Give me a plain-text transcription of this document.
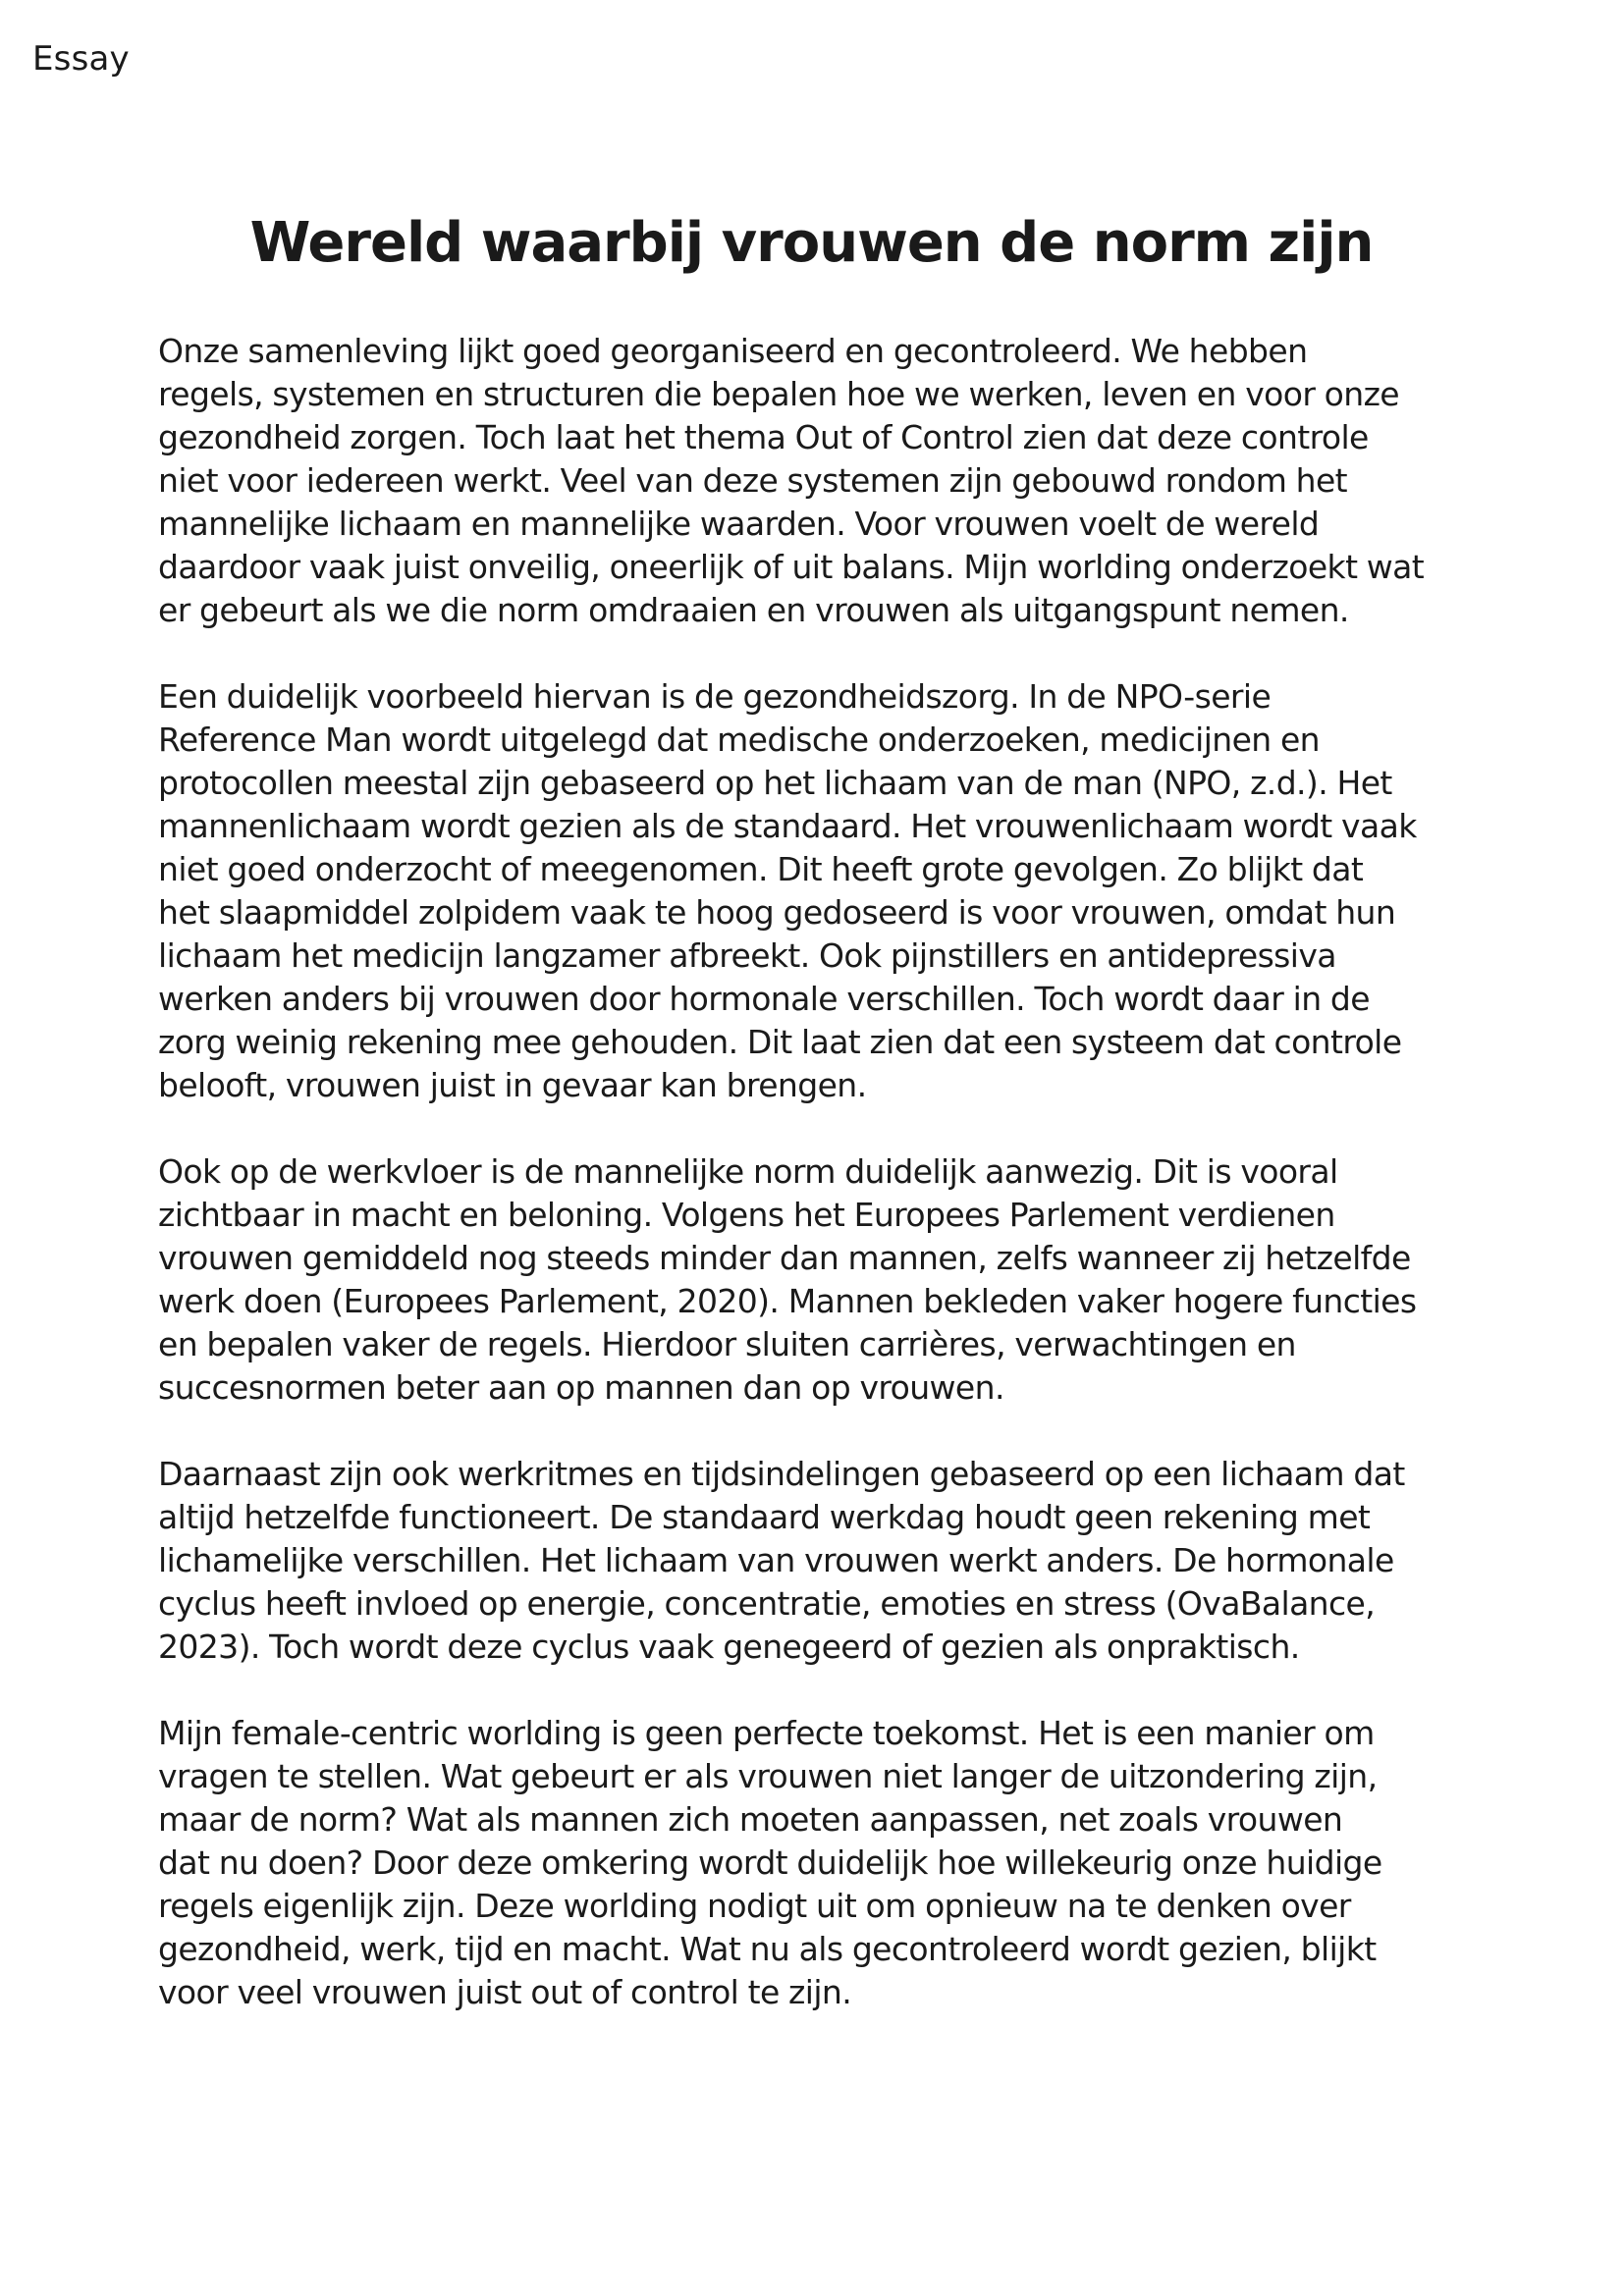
Essay
Wereld waarbij vrouwen de norm zijn

Onze samenleving lijkt goed georganiseerd en gecontroleerd. We hebben
regels, systemen en structuren die bepalen hoe we werken, leven en voor onze
gezondheid zorgen. Toch laat het thema Out of Control zien dat deze controle
niet voor iedereen werkt. Veel van deze systemen zijn gebouwd rondom het
mannelijke lichaam en mannelijke waarden. Voor vrouwen voelt de wereld
daardoor vaak juist onveilig, oneerlijk of uit balans. Mijn worlding onderzoekt wat
er gebeurt als we die norm omdraaien en vrouwen als uitgangspunt nemen.

Een duidelijk voorbeeld hiervan is de gezondheidszorg. In de NPO-serie
Reference Man wordt uitgelegd dat medische onderzoeken, medicijnen en
protocollen meestal zijn gebaseerd op het lichaam van de man (NPO, z.d.). Het
mannenlichaam wordt gezien als de standaard. Het vrouwenlichaam wordt vaak
niet goed onderzocht of meegenomen. Dit heeft grote gevolgen. Zo blijkt dat
het slaapmiddel zolpidem vaak te hoog gedoseerd is voor vrouwen, omdat hun
lichaam het medicijn langzamer afbreekt. Ook pijnstillers en antidepressiva
werken anders bij vrouwen door hormonale verschillen. Toch wordt daar in de
zorg weinig rekening mee gehouden. Dit laat zien dat een systeem dat controle
belooft, vrouwen juist in gevaar kan brengen.

Ook op de werkvloer is de mannelijke norm duidelijk aanwezig. Dit is vooral
zichtbaar in macht en beloning. Volgens het Europees Parlement verdienen
vrouwen gemiddeld nog steeds minder dan mannen, zelfs wanneer zij hetzelfde
werk doen (Europees Parlement, 2020). Mannen bekleden vaker hogere functies
en bepalen vaker de regels. Hierdoor sluiten carrières, verwachtingen en
succesnormen beter aan op mannen dan op vrouwen.

Daarnaast zijn ook werkritmes en tijdsindelingen gebaseerd op een lichaam dat
altijd hetzelfde functioneert. De standaard werkdag houdt geen rekening met
lichamelijke verschillen. Het lichaam van vrouwen werkt anders. De hormonale
cyclus heeft invloed op energie, concentratie, emoties en stress (OvaBalance,
2023). Toch wordt deze cyclus vaak genegeerd of gezien als onpraktisch.

Mijn female-centric worlding is geen perfecte toekomst. Het is een manier om
vragen te stellen. Wat gebeurt er als vrouwen niet langer de uitzondering zijn,
maar de norm? Wat als mannen zich moeten aanpassen, net zoals vrouwen
dat nu doen? Door deze omkering wordt duidelijk hoe willekeurig onze huidige
regels eigenlijk zijn. Deze worlding nodigt uit om opnieuw na te denken over
gezondheid, werk, tijd en macht. Wat nu als gecontroleerd wordt gezien, blijkt
voor veel vrouwen juist out of control te zijn.
